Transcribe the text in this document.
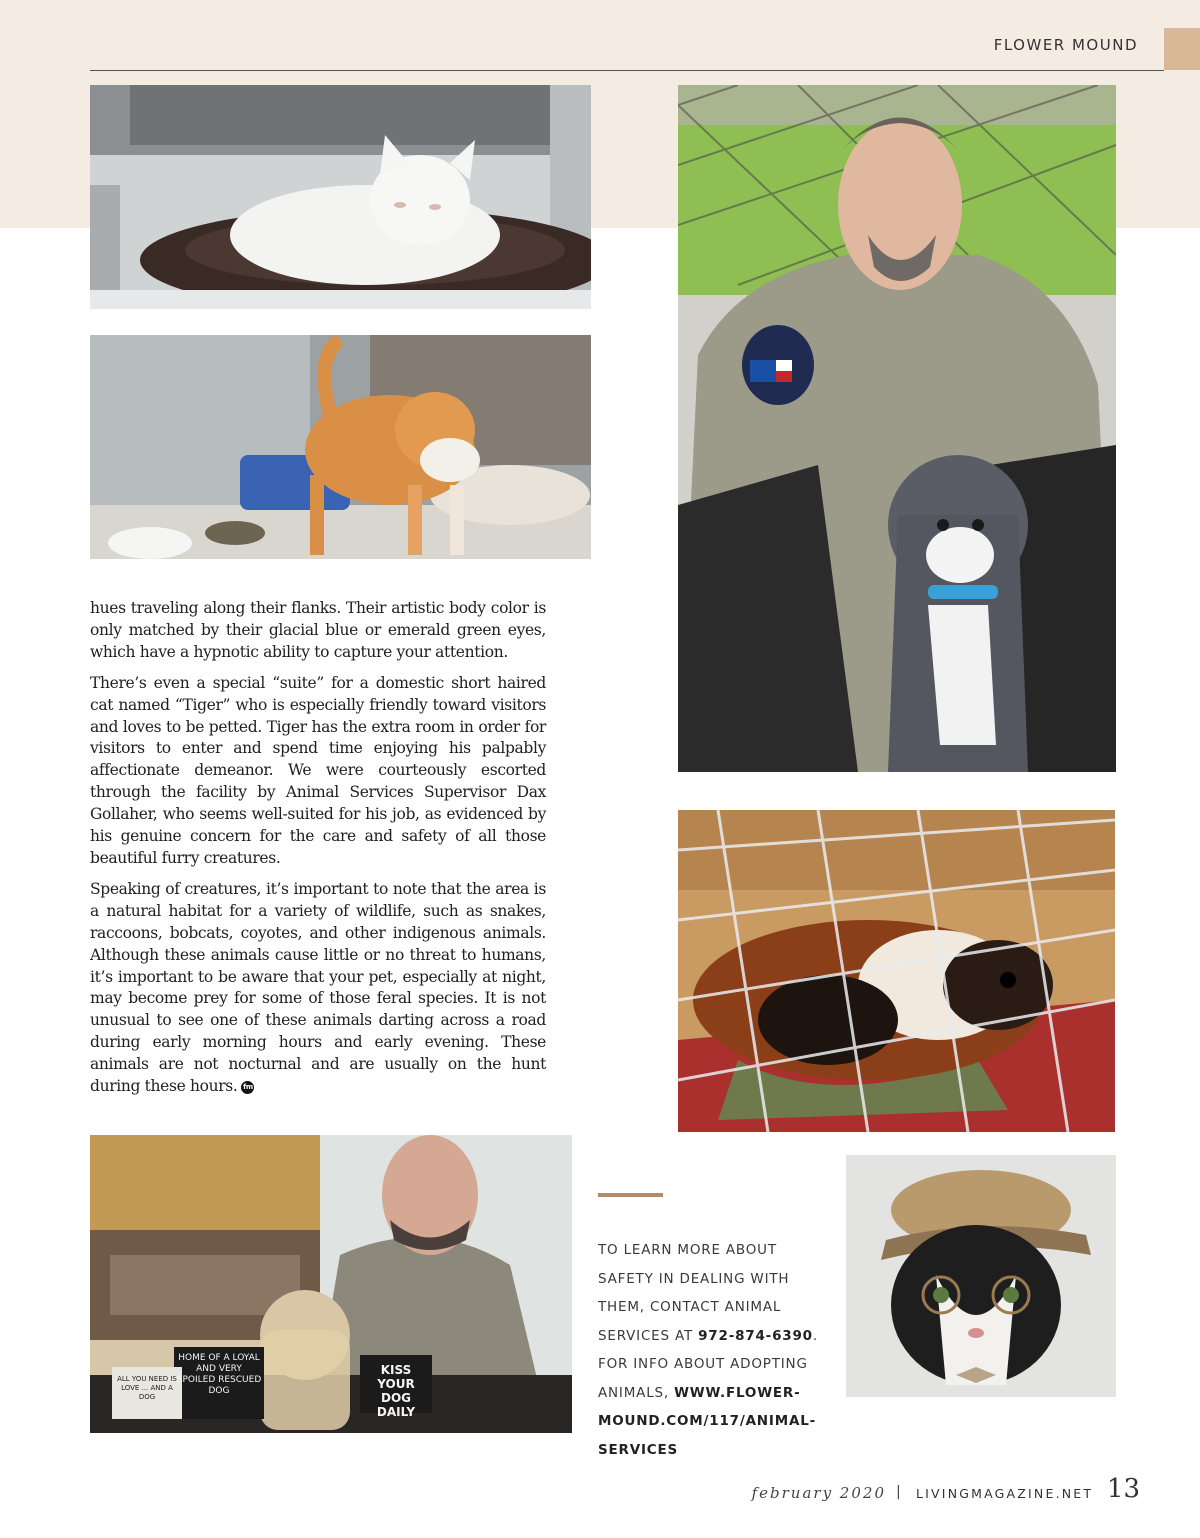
FLOWER MOUND
HOME OF A LOYAL AND VERY SPOILED RESCUED DOG
KISS YOUR DOG DAILY
ALL YOU NEED IS LOVE ... AND A DOG

hues traveling along their flanks. Their artistic body color is only matched by their glacial blue or emerald green eyes, which have a hypnotic ability to capture your attention.

There’s even a special “suite” for a domestic short haired cat named “Tiger” who is especially friendly toward visitors and loves to be petted. Tiger has the extra room in order for visitors to enter and spend time enjoying his palpably affectionate demeanor. We were courteously escorted through the facility by Animal Services Supervisor Dax Gollaher, who seems well-suited for his job, as evidenced by his genuine concern for the care and safety of all those beautiful furry creatures.

Speaking of creatures, it’s important to note that the area is a natural habitat for a variety of wildlife, such as snakes, raccoons, bobcats, coyotes, and other indigenous animals. Although these animals cause little or no threat to humans, it’s important to be aware that your pet, especially at night, may become prey for some of those feral species. It is not unusual to see one of these animals darting across a road during early morning hours and early evening. These animals are not nocturnal and are usually on the hunt during these hours. fm

TO LEARN MORE ABOUT SAFETY IN DEALING WITH THEM, CONTACT ANIMAL SERVICES AT 972-874-6390. FOR INFO ABOUT ADOPTING ANIMALS, WWW.FLOWER-MOUND.COM/117/ANIMAL-SERVICES
february 2020 | LIVINGMAGAZINE.NET 13
